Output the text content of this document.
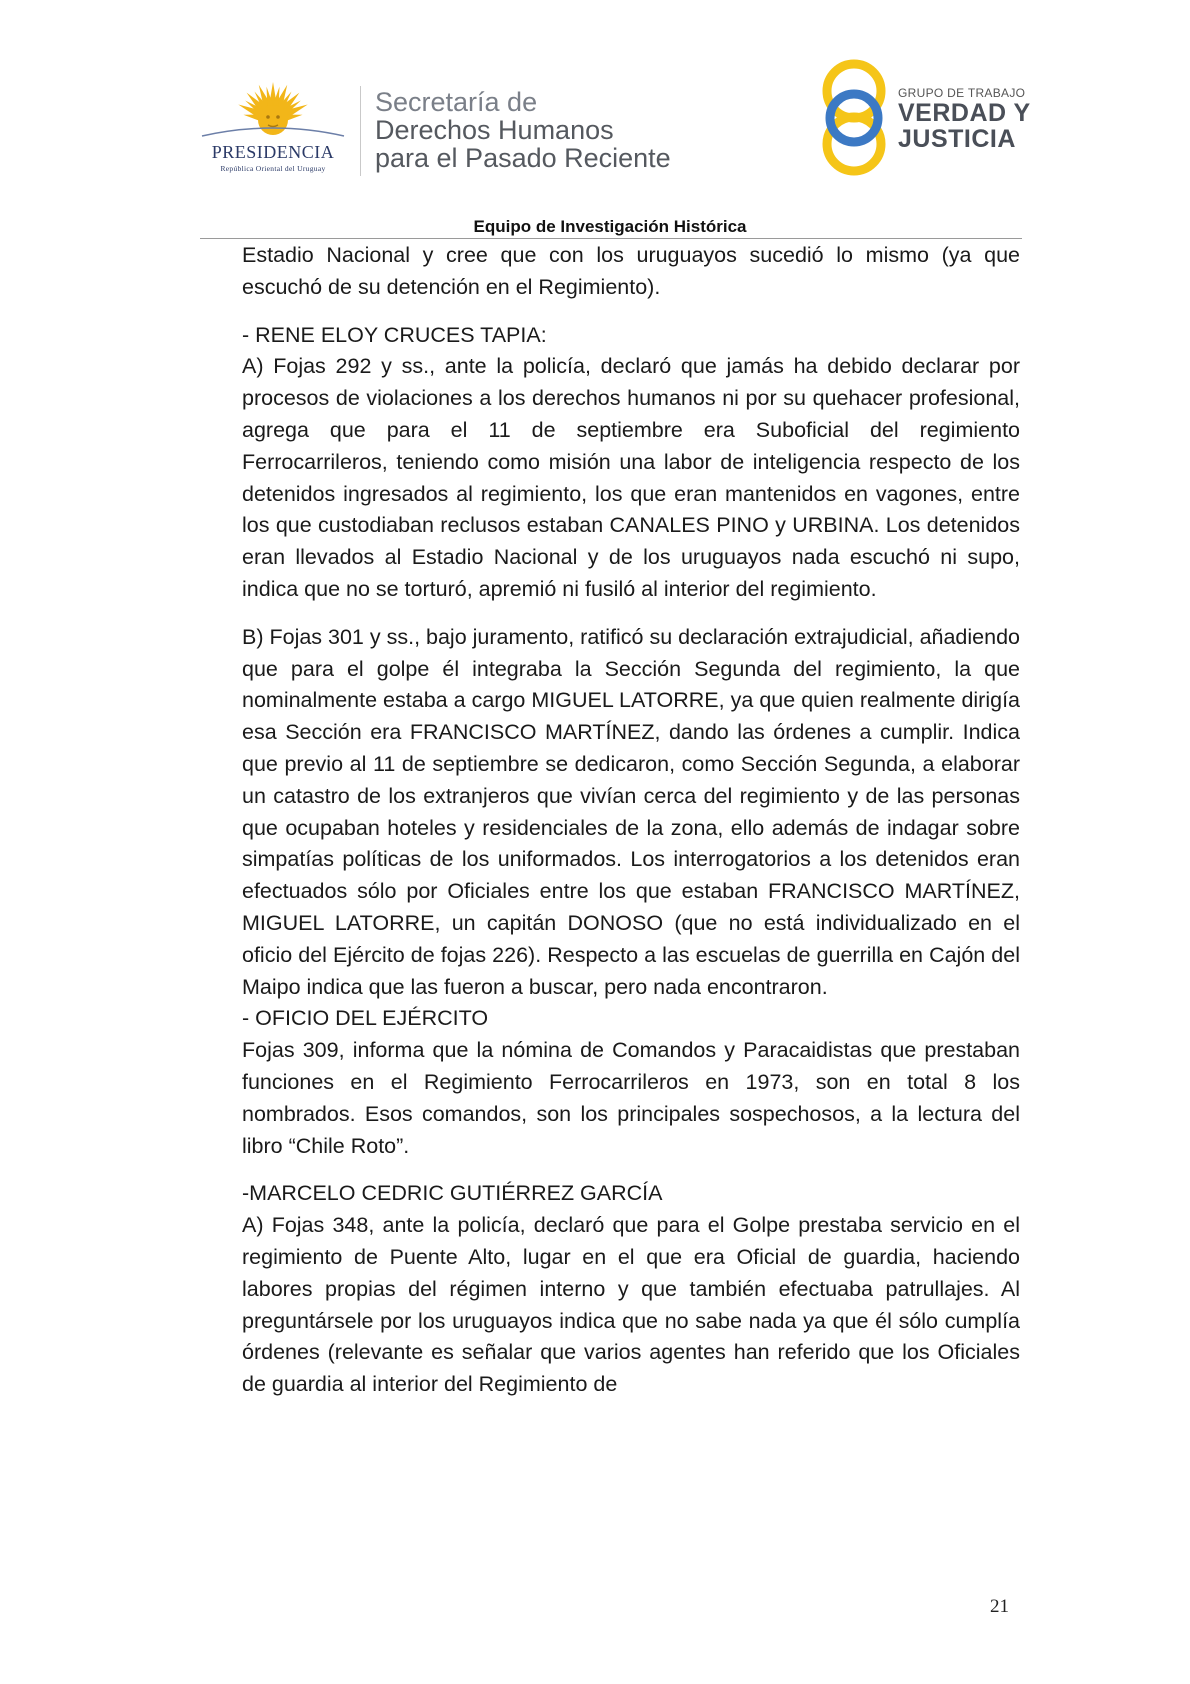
PRESIDENCIA
República Oriental del Uruguay
Secretaría de
Derechos Humanos
para el Pasado Reciente
GRUPO DE TRABAJO
VERDAD Y
JUSTICIA
Equipo de Investigación Histórica

Estadio Nacional y cree que con los uruguayos sucedió lo mismo (ya que escuchó de su detención en el Regimiento).

- RENE ELOY CRUCES TAPIA:

A) Fojas 292 y ss., ante la policía, declaró que jamás ha debido declarar por procesos de violaciones a los derechos humanos ni por su quehacer profesional, agrega que para el 11 de septiembre era Suboficial del regimiento Ferrocarrileros, teniendo como misión una labor de inteligencia respecto de los detenidos ingresados al regimiento, los que eran mantenidos en vagones, entre los que custodiaban reclusos estaban CANALES PINO y URBINA. Los detenidos eran llevados al Estadio Nacional y de los uruguayos nada escuchó ni supo, indica que no se torturó, apremió ni fusiló al interior del regimiento.

B) Fojas 301 y ss., bajo juramento, ratificó su declaración extrajudicial, añadiendo que para el golpe él integraba la Sección Segunda del regimiento, la que nominalmente estaba a cargo MIGUEL LATORRE, ya que quien realmente dirigía esa Sección era FRANCISCO MARTÍNEZ, dando las órdenes a cumplir. Indica que previo al 11 de septiembre se dedicaron, como Sección Segunda, a elaborar un catastro de los extranjeros que vivían cerca del regimiento y de las personas que ocupaban hoteles y residenciales de la zona, ello además de indagar sobre simpatías políticas de los uniformados. Los interrogatorios a los detenidos eran efectuados sólo por Oficiales entre los que estaban FRANCISCO MARTÍNEZ, MIGUEL LATORRE, un capitán DONOSO (que no está individualizado en el oficio del Ejército de fojas 226). Respecto a las escuelas de guerrilla en Cajón del Maipo indica que las fueron a buscar, pero nada encontraron.

- OFICIO DEL EJÉRCITO

Fojas 309, informa que la nómina de Comandos y Paracaidistas que prestaban funciones en el Regimiento Ferrocarrileros en 1973, son en total 8 los nombrados. Esos comandos, son los principales sospechosos, a la lectura del libro “Chile Roto”.

-MARCELO CEDRIC GUTIÉRREZ GARCÍA

A) Fojas 348, ante la policía, declaró que para el Golpe prestaba servicio en el regimiento de Puente Alto, lugar en el que era Oficial de guardia, haciendo labores propias del régimen interno y que también efectuaba patrullajes. Al preguntársele por los uruguayos indica que no sabe nada ya que él sólo cumplía órdenes (relevante es señalar que varios agentes han referido que los Oficiales de guardia al interior del Regimiento de

21
